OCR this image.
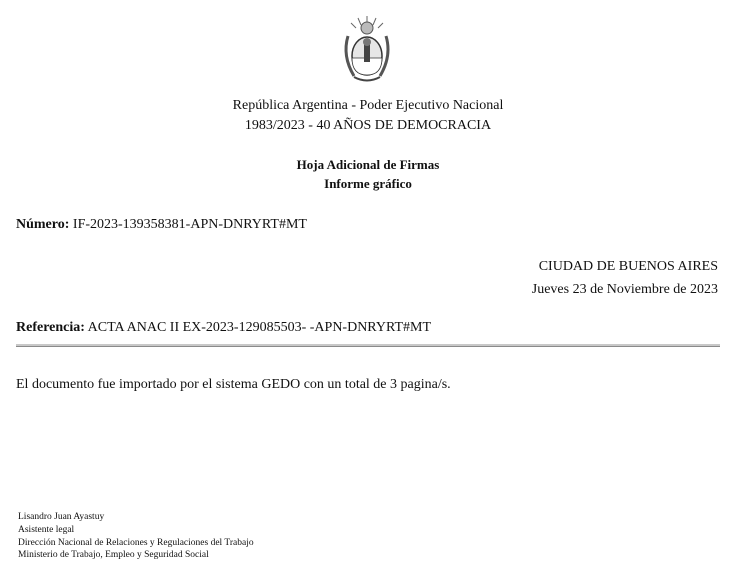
República Argentina - Poder Ejecutivo Nacional
1983/2023 - 40 AÑOS DE DEMOCRACIA
Hoja Adicional de Firmas
Informe gráfico
Número: IF-2023-139358381-APN-DNRYRT#MT
CIUDAD DE BUENOS AIRES
Jueves 23 de Noviembre de 2023
Referencia: ACTA ANAC II EX-2023-129085503- -APN-DNRYRT#MT
El documento fue importado por el sistema GEDO con un total de 3 pagina/s.
Lisandro Juan Ayastuy
Asistente legal
Dirección Nacional de Relaciones y Regulaciones del Trabajo
Ministerio de Trabajo, Empleo y Seguridad Social
